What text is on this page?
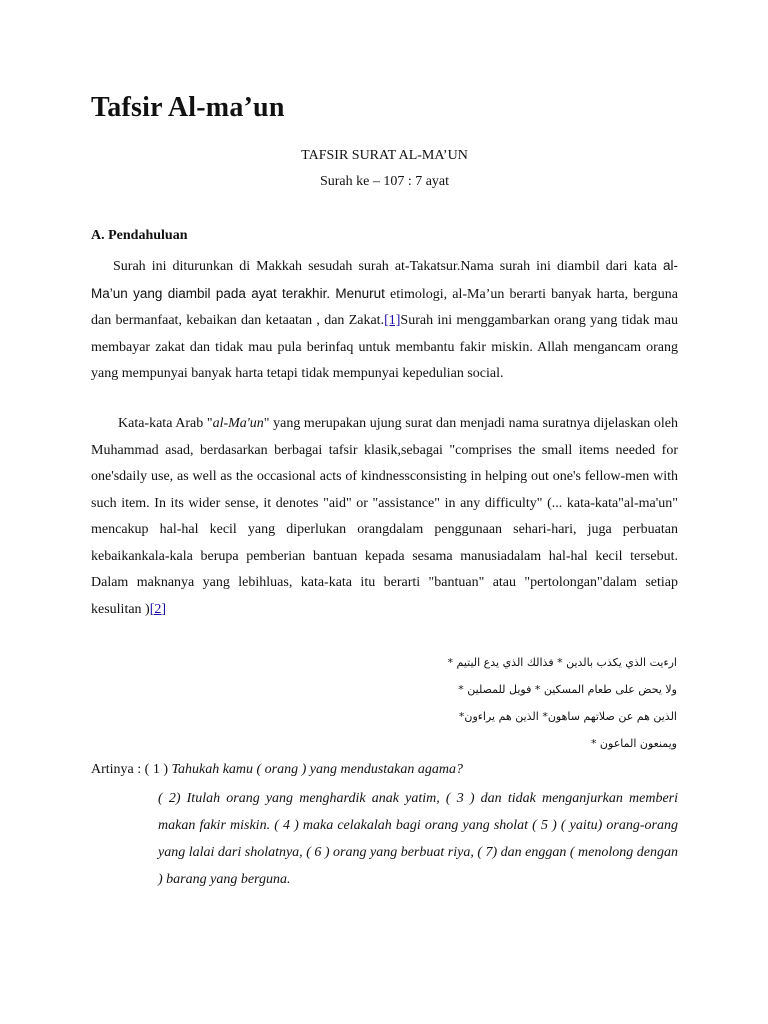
Tafsir Al-ma’un
TAFSIR SURAT AL-MA’UN
Surah ke – 107 : 7 ayat
A. Pendahuluan

Surah ini diturunkan di Makkah sesudah surah at-Takatsur.Nama surah ini diambil dari kata al-Ma’un yang diambil pada ayat terakhir. Menurut etimologi, al-Ma’un berarti banyak harta, berguna dan bermanfaat, kebaikan dan ketaatan , dan Zakat.[1]Surah ini menggambarkan orang yang tidak mau membayar zakat dan tidak mau pula berinfaq untuk membantu fakir miskin. Allah mengancam orang yang mempunyai banyak harta tetapi tidak mempunyai kepedulian social.

Kata-kata Arab "al-Ma'un" yang merupakan ujung surat dan menjadi nama suratnya dijelaskan oleh Muhammad asad, berdasarkan berbagai tafsir klasik,sebagai "comprises the small items needed for one'sdaily use, as well as the occasional acts of kindnessconsisting in helping out one's fellow-men with such item. In its wider sense, it denotes "aid" or "assistance" in any difficulty" (... kata-kata"al-ma'un" mencakup hal-hal kecil yang diperlukan orangdalam penggunaan sehari-hari, juga perbuatan kebaikankala-kala berupa pemberian bantuan kepada sesama manusiadalam hal-hal kecil tersebut. Dalam maknanya yang lebihluas, kata-kata itu berarti "bantuan" atau "pertolongan"dalam setiap kesulitan )[2]

ارءيت الذي يكذب بالدين * فذالك الذي يدع اليتيم *

ولا يحض على طعام المسكين * فويل للمصلين *

الذين هم عن صلاتهم ساهون* الذين هم يراءون*

ويمنعون الماعون *

Artinya : ( 1 ) Tahukah kamu ( orang ) yang mendustakan agama?

( 2) Itulah orang yang menghardik anak yatim, ( 3 ) dan tidak menganjurkan memberi makan fakir miskin. ( 4 ) maka celakalah bagi orang yang sholat ( 5 ) ( yaitu) orang-orang yang lalai dari sholatnya, ( 6 ) orang yang berbuat riya, ( 7) dan enggan ( menolong dengan ) barang yang berguna.
